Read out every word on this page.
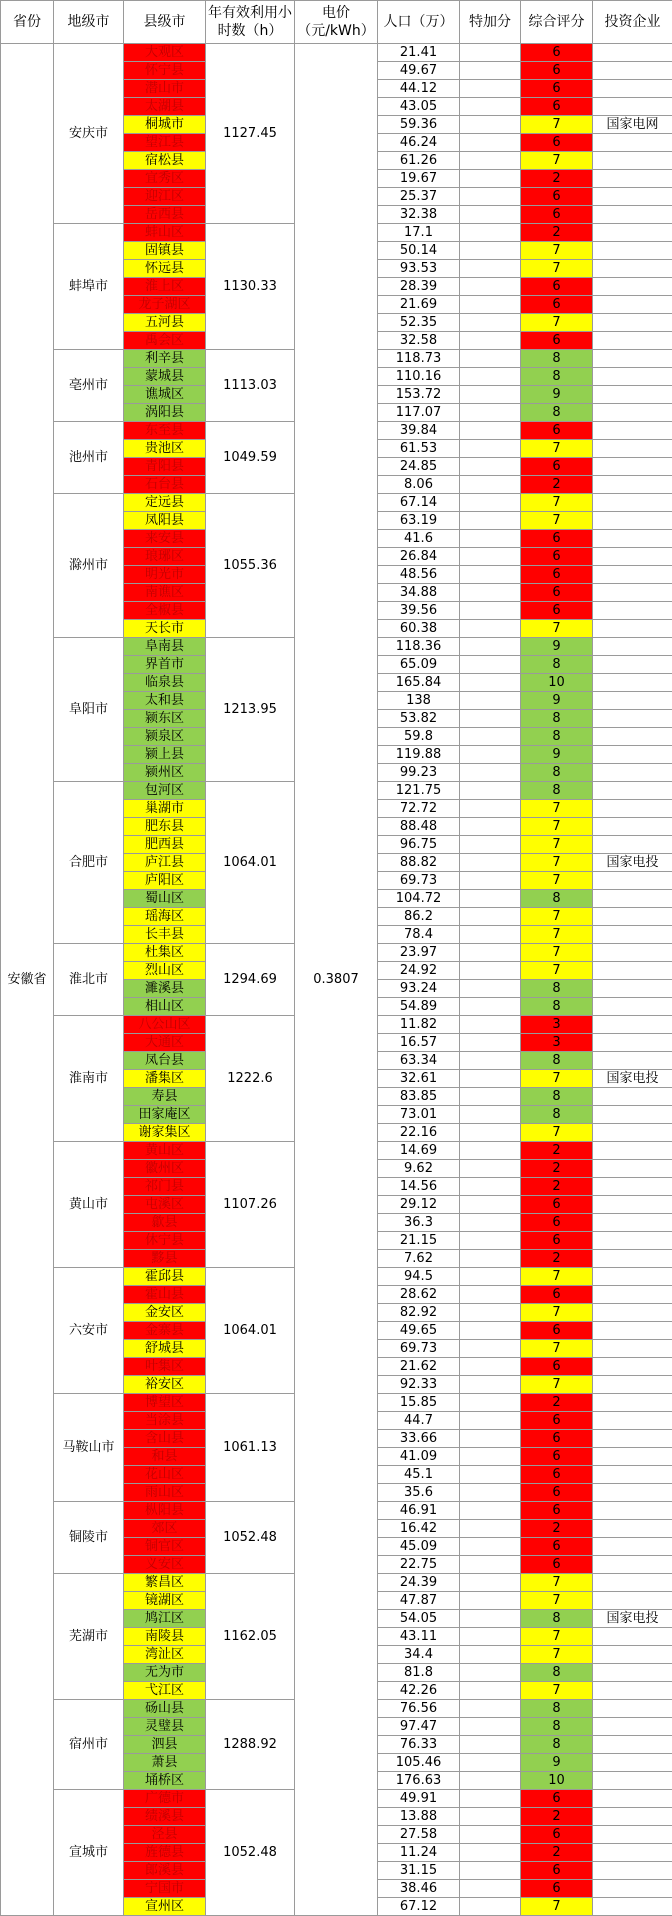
省份	地级市	县级市	年有效利用小时数（h）	电价（元/kWh）	人口（万）	特加分	综合评分	投资企业
安徽省	安庆市	大观区	1127.45	0.3807	21.41		6	
		怀宁县			49.67		6	
		潜山市			44.12		6	
		太湖县			43.05		6	
		桐城市			59.36		7	国家电网
		望江县			46.24		6	
		宿松县			61.26		7	
		宜秀区			19.67		2	
		迎江区			25.37		6	
		岳西县			32.38		6	
	蚌埠市	蚌山区	1130.33		17.1		2	
		固镇县			50.14		7	
		怀远县			93.53		7	
		淮上区			28.39		6	
		龙子湖区			21.69		6	
		五河县			52.35		7	
		禹会区			32.58		6	
	亳州市	利辛县	1113.03		118.73		8	
		蒙城县			110.16		8	
		谯城区			153.72		9	
		涡阳县			117.07		8	
	池州市	东至县	1049.59		39.84		6	
		贵池区			61.53		7	
		青阳县			24.85		6	
		石台县			8.06		2	
	滁州市	定远县	1055.36		67.14		7	
		凤阳县			63.19		7	
		来安县			41.6		6	
		琅琊区			26.84		6	
		明光市			48.56		6	
		南谯区			34.88		6	
		全椒县			39.56		6	
		天长市			60.38		7	
	阜阳市	阜南县	1213.95		118.36		9	
		界首市			65.09		8	
		临泉县			165.84		10	
		太和县			138		9	
		颍东区			53.82		8	
		颍泉区			59.8		8	
		颍上县			119.88		9	
		颍州区			99.23		8	
	合肥市	包河区	1064.01		121.75		8	
		巢湖市			72.72		7	
		肥东县			88.48		7	
		肥西县			96.75		7	
		庐江县			88.82		7	国家电投
		庐阳区			69.73		7	
		蜀山区			104.72		8	
		瑶海区			86.2		7	
		长丰县			78.4		7	
	淮北市	杜集区	1294.69		23.97		7	
		烈山区			24.92		7	
		濉溪县			93.24		8	
		相山区			54.89		8	
	淮南市	八公山区	1222.6		11.82		3	
		大通区			16.57		3	
		凤台县			63.34		8	
		潘集区			32.61		7	国家电投
		寿县			83.85		8	
		田家庵区			73.01		8	
		谢家集区			22.16		7	
	黄山市	黄山区	1107.26		14.69		2	
		徽州区			9.62		2	
		祁门县			14.56		2	
		屯溪区			29.12		6	
		歙县			36.3		6	
		休宁县			21.15		6	
		黟县			7.62		2	
	六安市	霍邱县	1064.01		94.5		7	
		霍山县			28.62		6	
		金安区			82.92		7	
		金寨县			49.65		6	
		舒城县			69.73		7	
		叶集区			21.62		6	
		裕安区			92.33		7	
	马鞍山市	博望区	1061.13		15.85		2	
		当涂县			44.7		6	
		含山县			33.66		6	
		和县			41.09		6	
		花山区			45.1		6	
		雨山区			35.6		6	
	铜陵市	枞阳县	1052.48		46.91		6	
		郊区			16.42		2	
		铜官区			45.09		6	
		义安区			22.75		6	
	芜湖市	繁昌区	1162.05		24.39		7	
		镜湖区			47.87		7	
		鸠江区			54.05		8	国家电投
		南陵县			43.11		7	
		湾沚区			34.4		7	
		无为市			81.8		8	
		弋江区			42.26		7	
	宿州市	砀山县	1288.92		76.56		8	
		灵璧县			97.47		8	
		泗县			76.33		8	
		萧县			105.46		9	
		埇桥区			176.63		10	
	宣城市	广德市	1052.48		49.91		6	
		绩溪县			13.88		2	
		泾县			27.58		6	
		旌德县			11.24		2	
		郎溪县			31.15		6	
		宁国市			38.46		6	
		宣州区			67.12		7	
